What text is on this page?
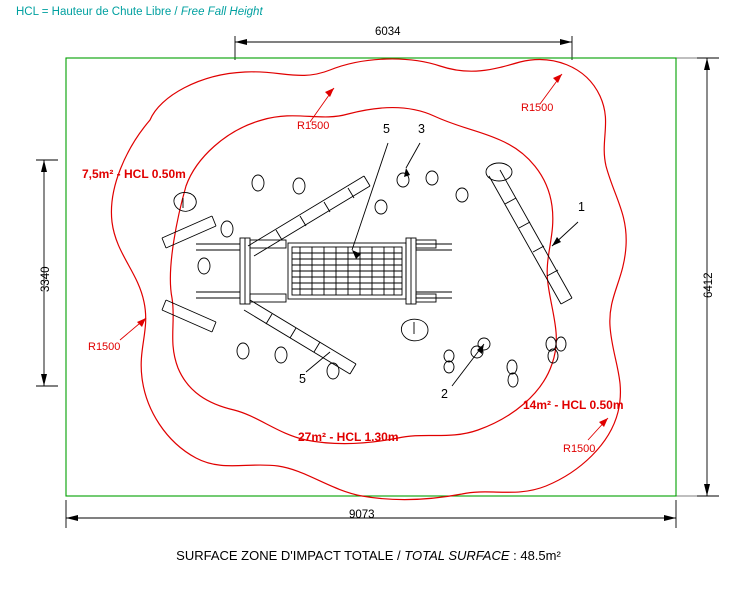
HCL = Hauteur de Chute Libre / Free Fall Height
6034
9073
3340	6412
R1500
R1500
R1500
R1500
7,5m² - HCL 0.50m
27m² - HCL 1.30m
14m² - HCL 0.50m
1
2
3
5
5
SURFACE ZONE D'IMPACT TOTALE / TOTAL SURFACE : 48.5m²
